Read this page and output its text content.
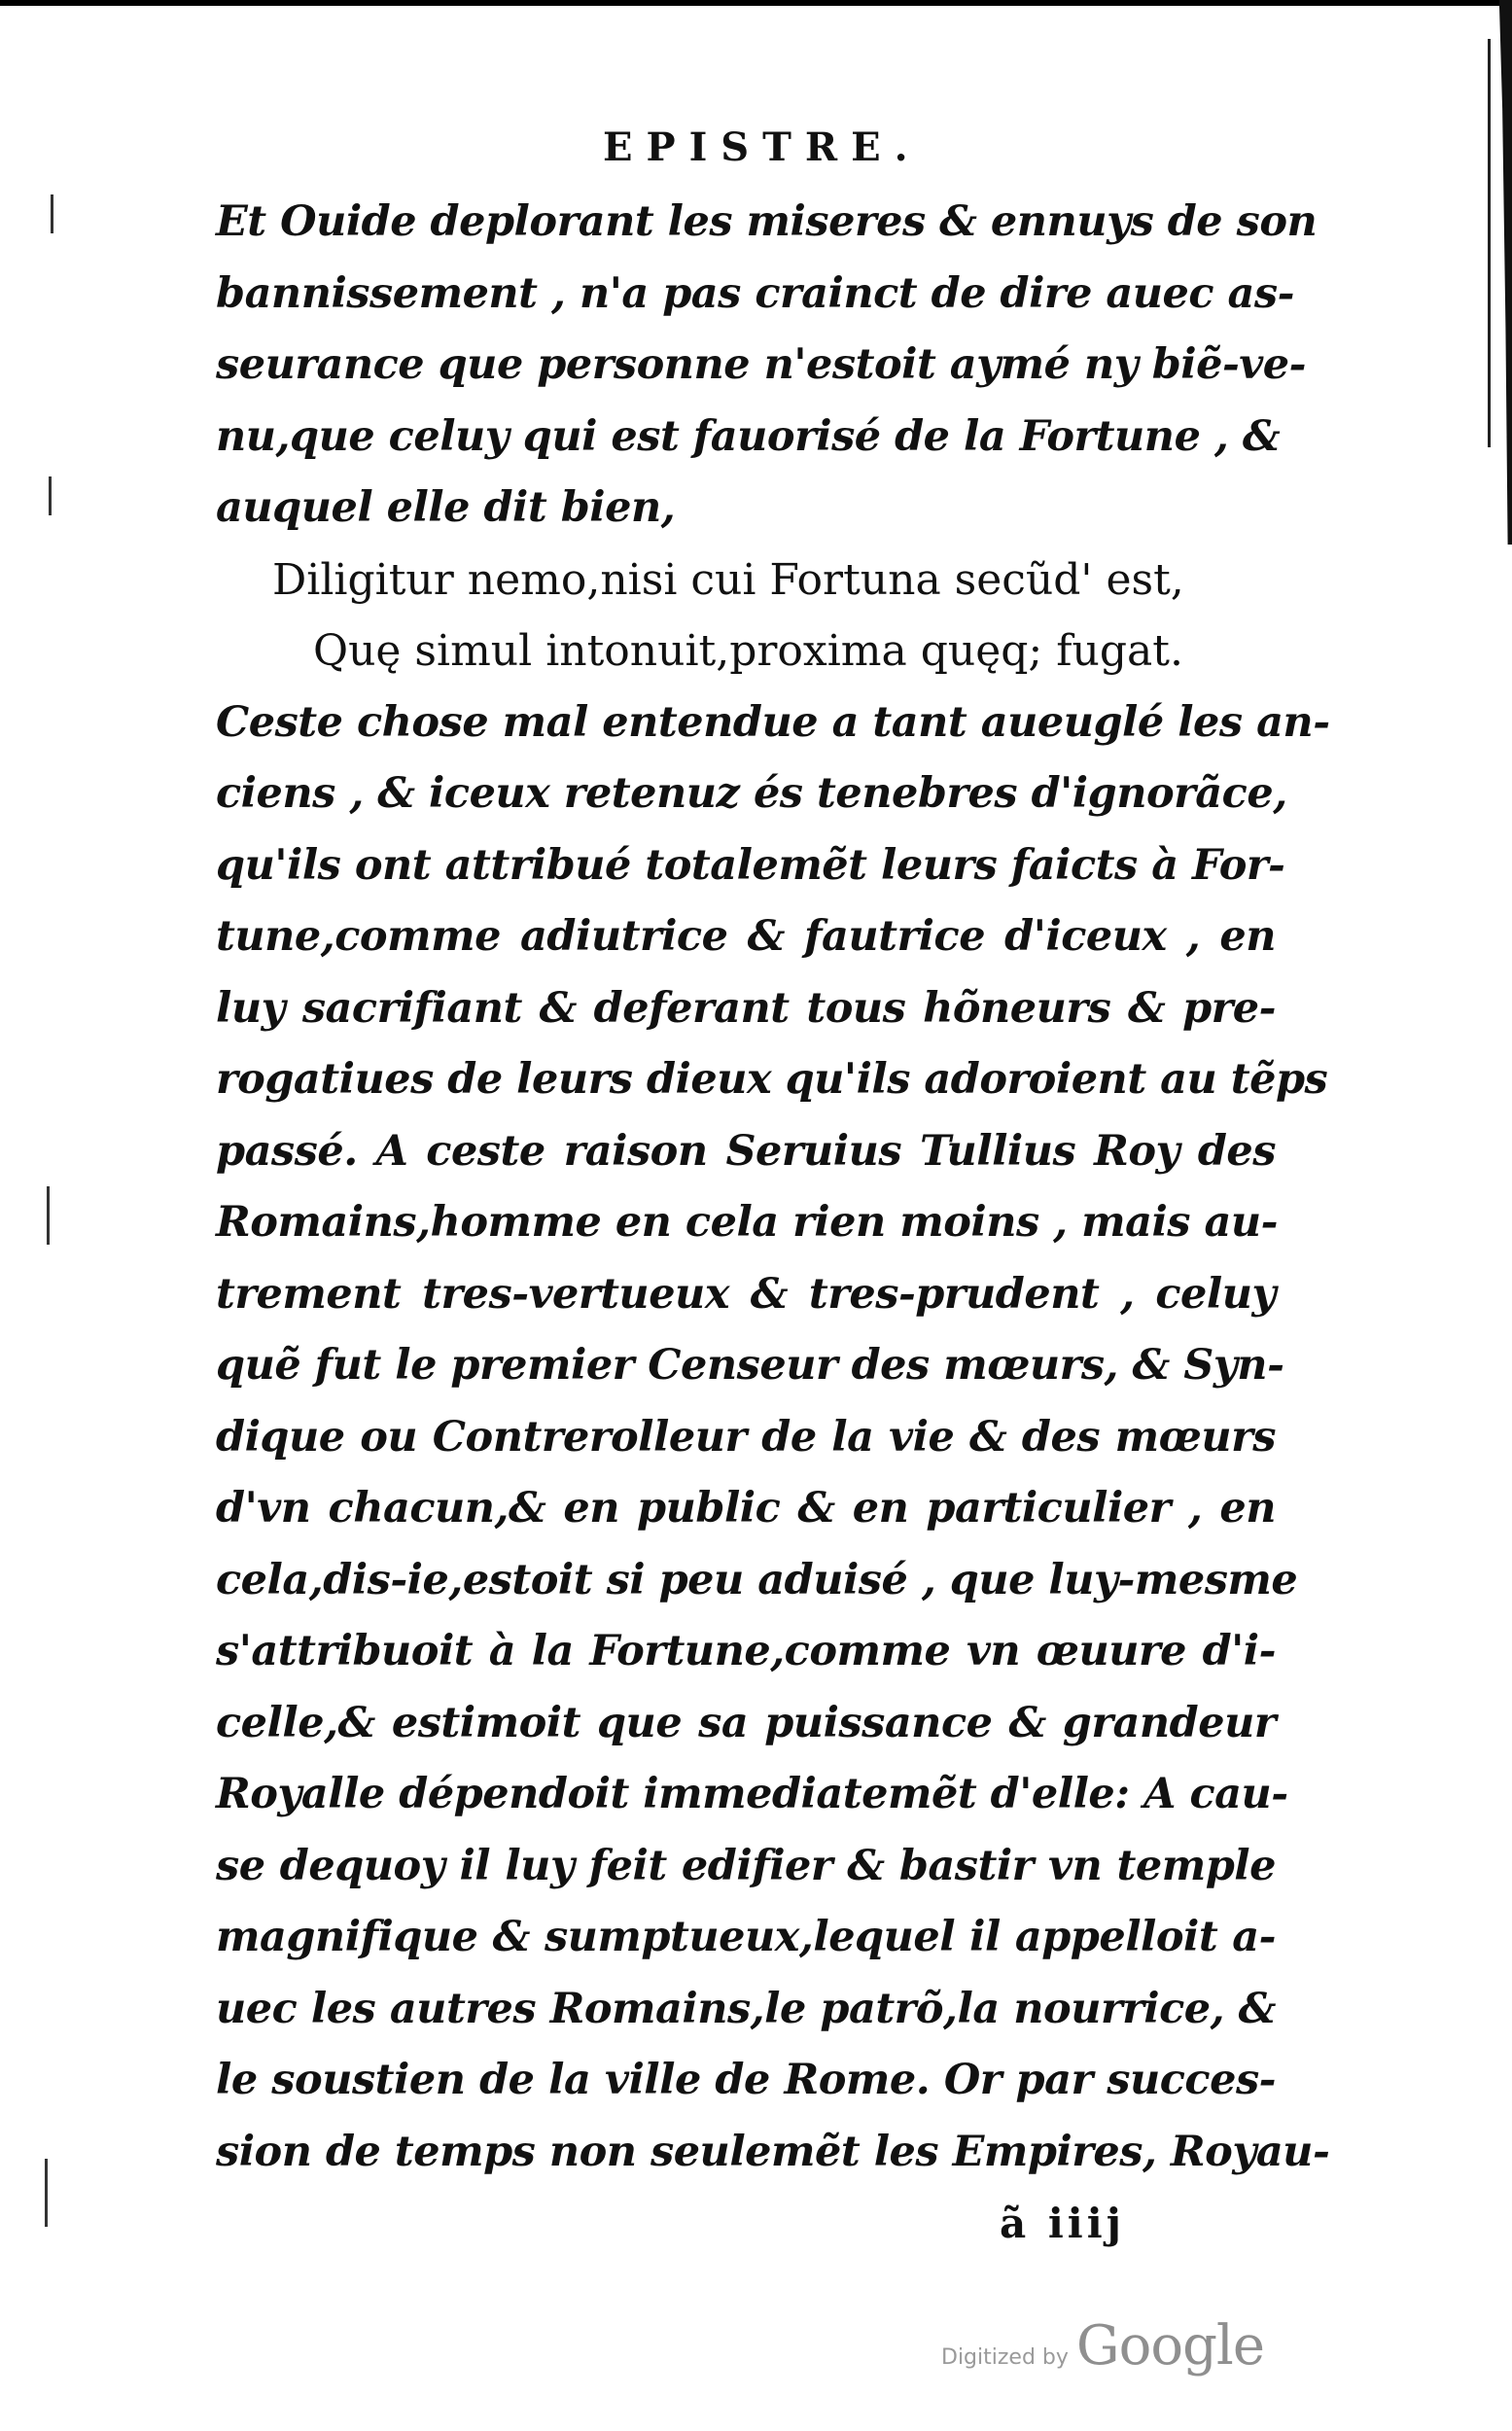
EPISTRE.
Et Ouide deplorant les miseres & ennuys de son
bannissement , n'a pas crainct de dire auec as-
seurance que personne n'estoit aymé ny biẽ-ve-
nu,que celuy qui est fauorisé de la Fortune , &
auquel elle dit bien,
Diligitur nemo,nisi cui Fortuna secũd' est,
Quę simul intonuit,proxima quęq; fugat.
Ceste chose mal entendue a tant aueuglé les an-
ciens , & iceux retenuz és tenebres d'ignorãce,
qu'ils ont attribué totalemẽt leurs faicts à For-
tune,comme adiutrice & fautrice d'iceux , en
luy sacrifiant & deferant tous hõneurs & pre-
rogatiues de leurs dieux qu'ils adoroient au tẽps
passé. A ceste raison Seruius Tullius Roy des
Romains,homme en cela rien moins , mais au-
trement tres-vertueux & tres-prudent , celuy
quẽ fut le premier Censeur des mœurs, & Syn-
dique ou Contrerolleur de la vie & des mœurs
d'vn chacun,& en public & en particulier , en
cela,dis-ie,estoit si peu aduisé , que luy-mesme
s'attribuoit à la Fortune,comme vn œuure d'i-
celle,& estimoit que sa puissance & grandeur
Royalle dépendoit immediatemẽt d'elle: A cau-
se dequoy il luy feit edifier & bastir vn temple
magnifique & sumptueux,lequel il appelloit a-
uec les autres Romains,le patrõ,la nourrice, &
le soustien de la ville de Rome. Or par succes-
sion de temps non seulemẽt les Empires, Royau-
ã iiij
Digitized by Google
